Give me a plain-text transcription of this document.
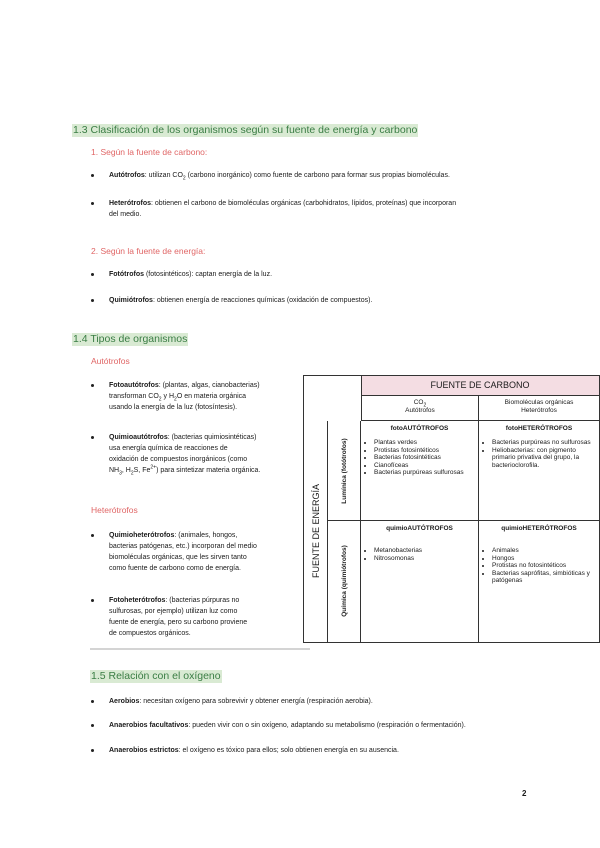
1.3 Clasificación de los organismos según su fuente de energía y carbono
1. Según la fuente de carbono:
Autótrofos: utilizan $CO_2$ (carbono inorgánico) como fuente de carbono para formar sus propias biomoléculas.
Heterótrofos: obtienen el carbono de biomoléculas orgánicas (carbohidratos, lípidos, proteínas) que incorporan
del medio.
2. Según la fuente de energía:
Fotótrofos (fotosintéticos): captan energía de la luz.
Quimiótrofos: obtienen energía de reacciones químicas (oxidación de compuestos).
1.4 Tipos de organismos
Autótrofos
Fotoautótrofos: (plantas, algas, cianobacterias)
transforman $CO_2$ y $H_2O$ en materia orgánica
usando la energía de la luz (fotosíntesis).
Quimioautótrofos: (bacterias quimiosintéticas)
usa energía química de reacciones de
oxidación de compuestos inorgánicos (como
$NH_3$, $H_2S$, $Fe^{2+}$) para sintetizar materia orgánica.
Heterótrofos
Quimioheterótrofos: (animales, hongos,
bacterias patógenas, etc.) incorporan del medio
biomoléculas orgánicas, que les sirven tanto
como fuente de carbono como de energía.
Fotoheterótrofos: (bacterias púrpuras no
sulfurosas, por ejemplo) utilizan luz como
fuente de energía, pero su carbono proviene
de compuestos orgánicos.
FUENTE DE CARBONO
$CO_2$
Autótrofos
Biomoléculas orgánicas
Heterótrofos
FUENTE DE ENERGÍA
Lumínica (fotótrofos)
Química (quimiótrofos)
fotoAUTÓTROFOS
• Plantas verdes
• Protistas fotosintéticos
• Bacterias fotosintéticas
• Cianofíceas
• Bacterias purpúreas sulfurosas
fotoHETERÓTROFOS
• Bacterias purpúreas no sulfurosas
• Heliobacterias: con pigmento primario privativa del grupo, la bacterioclorofila.
quimioAUTÓTROFOS
• Metanobacterias
• Nitrosomonas
quimioHETERÓTROFOS
• Animales
• Hongos
• Protistas no fotosintéticos
• Bacterias saprófitas, simbióticas y patógenas
1.5 Relación con el oxígeno
Aerobios: necesitan oxígeno para sobrevivir y obtener energía (respiración aerobia).
Anaerobios facultativos: pueden vivir con o sin oxígeno, adaptando su metabolismo (respiración o fermentación).
Anaerobios estrictos: el oxígeno es tóxico para ellos; solo obtienen energía en su ausencia.
2
